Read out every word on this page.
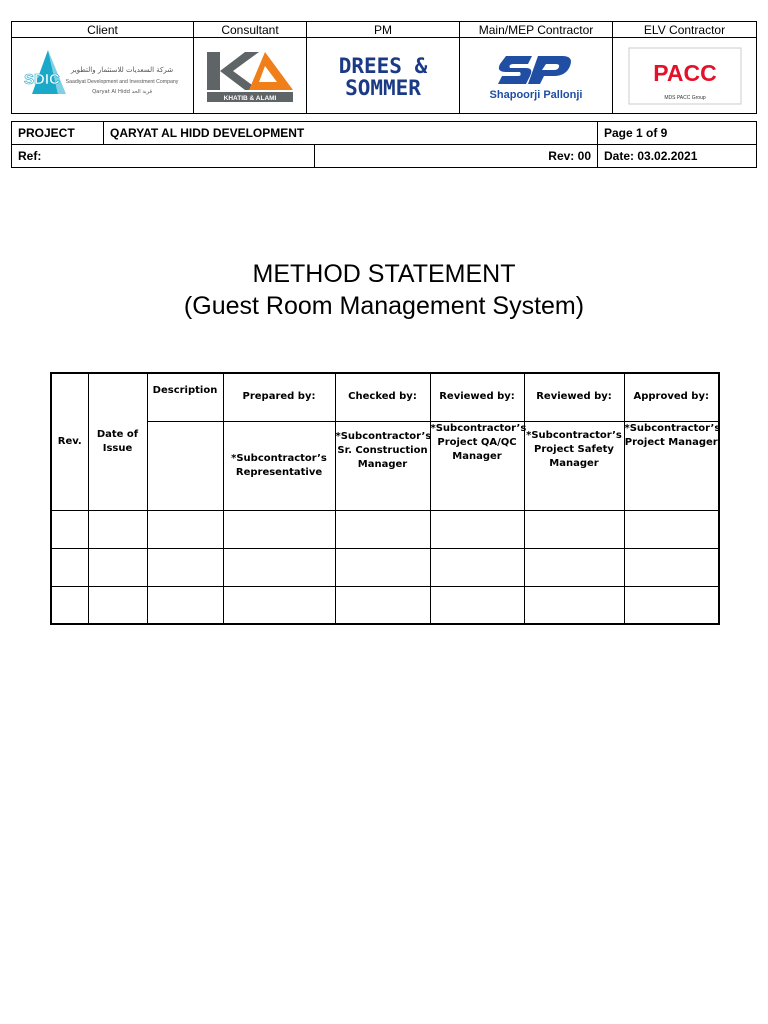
Client	Consultant	PM	Main/MEP Contractor	ELV Contractor

SDIC
شركة السعديات للاستثمار والتطوير
Saadiyat Development and Investment Company
Qaryat Al Hidd قرية الحد	KHATIB & ALAMI	DREES &
SOMMER	Shapoorji Pallonji	PACC
MDS PACC Group
PROJECT	QARYAT AL HIDD DEVELOPMENT		Page 1 of 9
Ref:		Rev: 00	Date: 03.02.2021
METHOD STATEMENT
(Guest Room Management System)
Rev.	Date of Issue	Description	Prepared by:	Checked by:	Reviewed by:	Reviewed by:	Approved by:
			*Subcontractor’s Representative	*Subcontractor’s Sr. Construction Manager	*Subcontractor’s Project QA/QC Manager	*Subcontractor’s Project Safety Manager	*Subcontractor’s Project Manager
